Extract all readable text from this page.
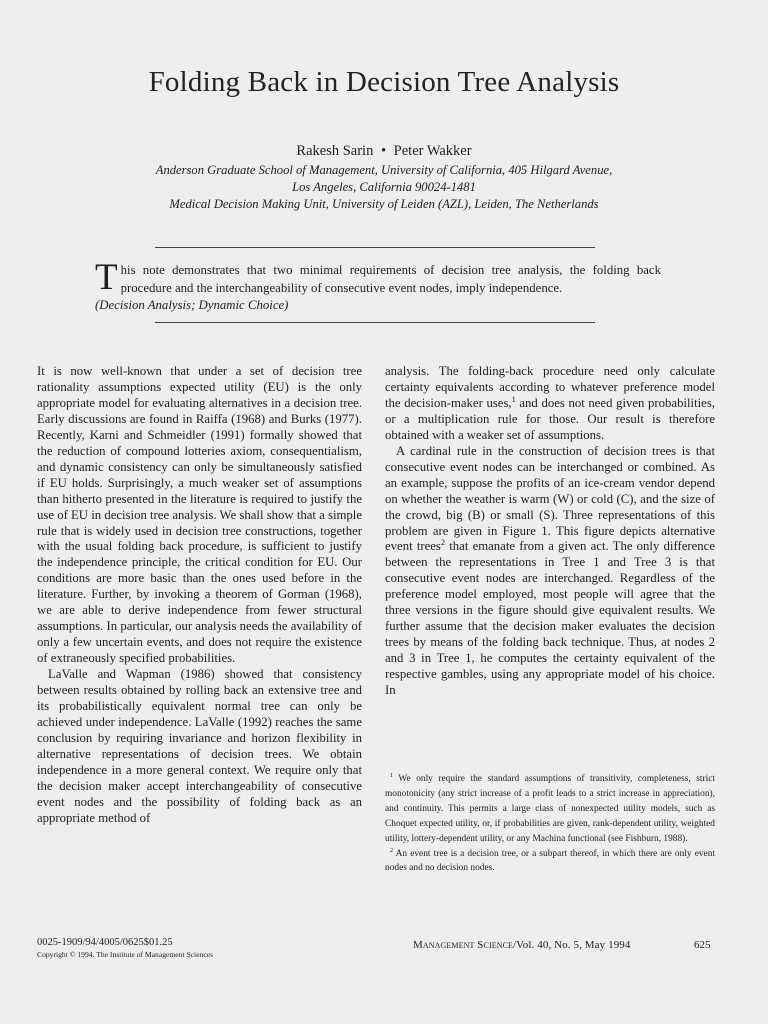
Folding Back in Decision Tree Analysis
Rakesh Sarin • Peter Wakker
Anderson Graduate School of Management, University of California, 405 Hilgard Avenue,
Los Angeles, California 90024-1481
Medical Decision Making Unit, University of Leiden (AZL), Leiden, The Netherlands
This note demonstrates that two minimal requirements of decision tree analysis, the folding back procedure and the interchangeability of consecutive event nodes, imply independence.
(Decision Analysis; Dynamic Choice)

It is now well-known that under a set of decision tree rationality assumptions expected utility (EU) is the only appropriate model for evaluating alternatives in a decision tree. Early discussions are found in Raiffa (1968) and Burks (1977). Recently, Karni and Schmeidler (1991) formally showed that the reduction of compound lotteries axiom, consequentialism, and dynamic consistency can only be simultaneously satisfied if EU holds. Surprisingly, a much weaker set of assumptions than hitherto presented in the literature is required to justify the use of EU in decision tree analysis. We shall show that a simple rule that is widely used in decision tree constructions, together with the usual folding back procedure, is sufficient to justify the independence principle, the critical condition for EU. Our conditions are more basic than the ones used before in the literature. Further, by invoking a theorem of Gorman (1968), we are able to derive independence from fewer structural assumptions. In particular, our analysis needs the availability of only a few uncertain events, and does not require the existence of extraneously specified probabilities.

LaValle and Wapman (1986) showed that consistency between results obtained by rolling back an extensive tree and its probabilistically equivalent normal tree can only be achieved under independence. LaValle (1992) reaches the same conclusion by requiring invariance and horizon flexibility in alternative representations of decision trees. We obtain independence in a more general context. We require only that the decision maker accept interchangeability of consecutive event nodes and the possibility of folding back as an appropriate method of

analysis. The folding-back procedure need only calculate certainty equivalents according to whatever preference model the decision-maker uses,$^1$ and does not need given probabilities, or a multiplication rule for those. Our result is therefore obtained with a weaker set of assumptions.

A cardinal rule in the construction of decision trees is that consecutive event nodes can be interchanged or combined. As an example, suppose the profits of an ice-cream vendor depend on whether the weather is warm (W) or cold (C), and the size of the crowd, big (B) or small (S). Three representations of this problem are given in Figure 1. This figure depicts alternative event trees$^2$ that emanate from a given act. The only difference between the representations in Tree 1 and Tree 3 is that consecutive event nodes are interchanged. Regardless of the preference model employed, most people will agree that the three versions in the figure should give equivalent results. We further assume that the decision maker evaluates the decision trees by means of the folding back technique. Thus, at nodes 2 and 3 in Tree 1, he computes the certainty equivalent of the respective gambles, using any appropriate model of his choice. In

$^1$ We only require the standard assumptions of transitivity, completeness, strict monotonicity (any strict increase of a profit leads to a strict increase in appreciation), and continuity. This permits a large class of nonexpected utility models, such as Choquet expected utility, or, if probabilities are given, rank-dependent utility, weighted utility, lottery-dependent utility, or any Machina functional (see Fishburn, 1988).

$^2$ An event tree is a decision tree, or a subpart thereof, in which there are only event nodes and no decision nodes.

0025-1909/94/4005/0625$01.25
Copyright © 1994, The Institute of Management Sciences
Management Science/Vol. 40, No. 5, May 1994	625
